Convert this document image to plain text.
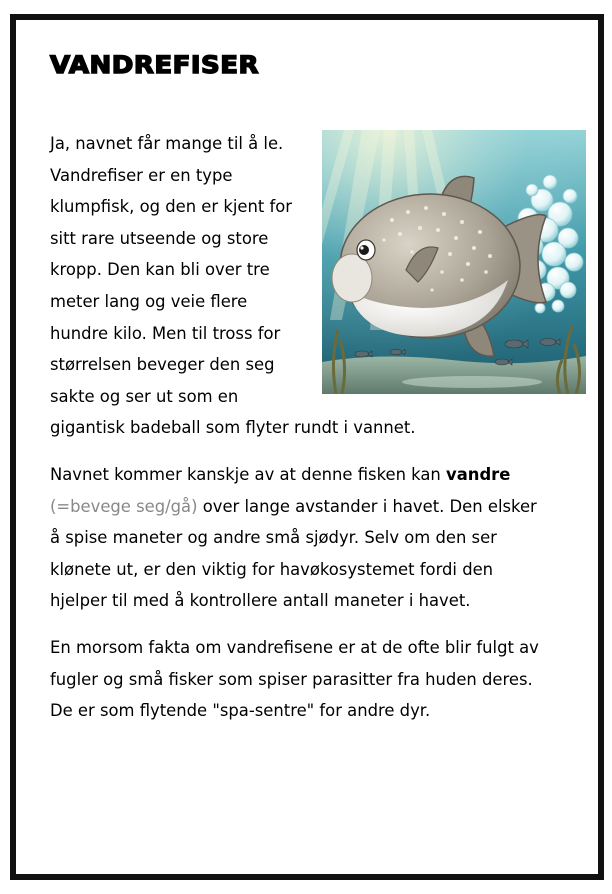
VANDREFISER

Ja, navnet får mange til å le.
Vandrefiser er en type
klumpfisk, og den er kjent for
sitt rare utseende og store
kropp. Den kan bli over tre
meter lang og veie flere
hundre kilo. Men til tross for
størrelsen beveger den seg
sakte og ser ut som en
gigantisk badeball som flyter rundt i vannet.

Navnet kommer kanskje av at denne fisken kan vandre (=bevege seg/gå) over lange avstander i havet. Den elsker å spise maneter og andre små sjødyr. Selv om den ser klønete ut, er den viktig for havøkosystemet fordi den hjelper til med å kontrollere antall maneter i havet.

En morsom fakta om vandrefisene er at de ofte blir fulgt av fugler og små fisker som spiser parasitter fra huden deres. De er som flytende "spa-sentre" for andre dyr.
